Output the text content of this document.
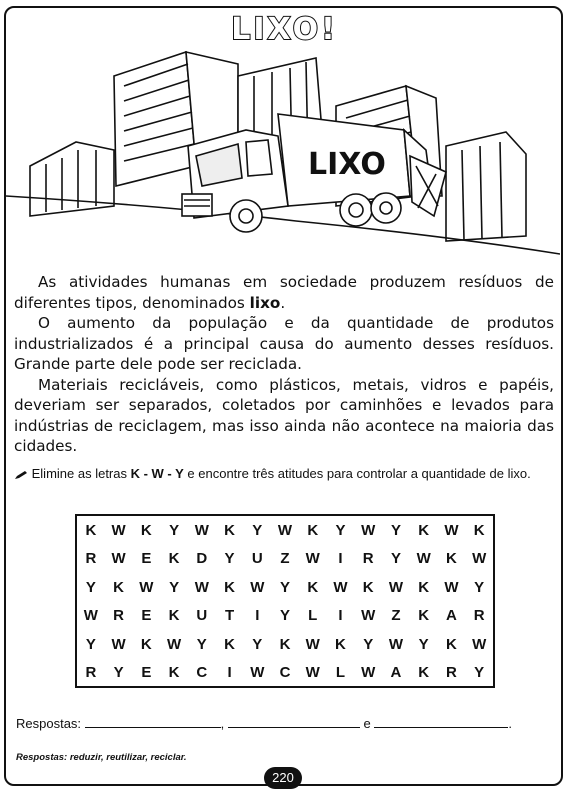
LIXO!
LIXO

As atividades humanas em sociedade produzem resíduos de diferentes tipos, denominados lixo.

O aumento da população e da quantidade de produtos industrializados é a principal causa do aumento desses resíduos. Grande parte dele pode ser reciclada.

Materiais recicláveis, como plásticos, metais, vidros e papéis, deveriam ser separados, coletados por caminhões e levados para indústrias de reciclagem, mas isso ainda não acontece na maioria das cidades.

Elimine as letras K - W - Y e encontre três atitudes para controlar a quantidade de lixo.
K	W	K	Y	W	K	Y	W	K	Y	W	Y	K	W	K
R	W	E	K	D	Y	U	Z	W	I	R	Y	W	K	W
Y	K	W	Y	W	K	W	Y	K	W	K	W	K	W	Y
W	R	E	K	U	T	I	Y	L	I	W	Z	K	A	R
Y	W	K	W	Y	K	Y	K	W	K	Y	W	Y	K	W
R	Y	E	K	C	I	W	C	W	L	W	A	K	R	Y
Respostas:	,	e	.
Respostas: reduzir, reutilizar, reciclar.
220
